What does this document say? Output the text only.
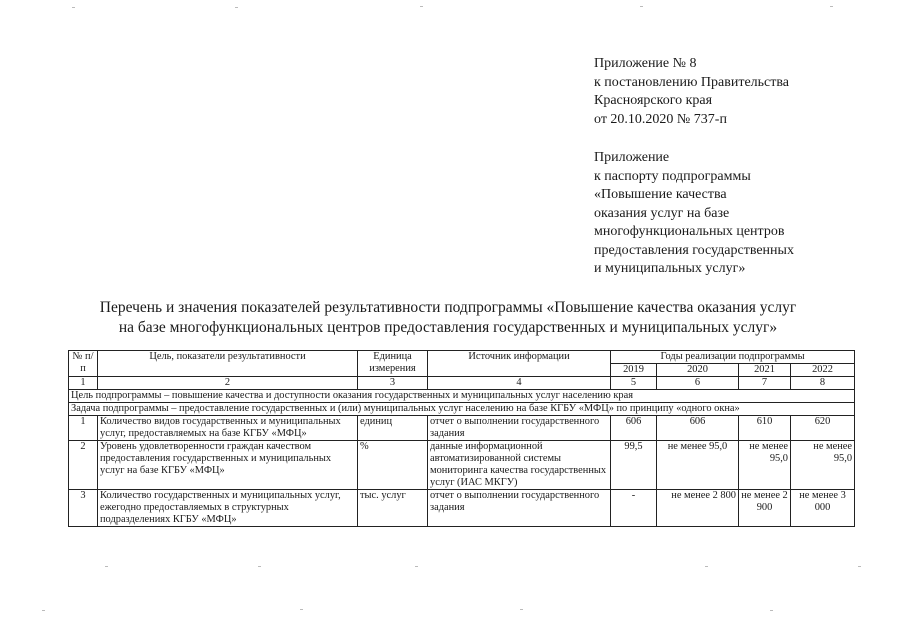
Приложение № 8
к постановлению Правительства
Красноярского края
от 20.10.2020 № 737-п
Приложение
к паспорту подпрограммы
«Повышение качества
оказания услуг на базе
многофункциональных центров
предоставления государственных
и муниципальных услуг»
Перечень и значения показателей результативности подпрограммы «Повышение качества оказания услуг
на базе многофункциональных центров предоставления государственных и муниципальных услуг»
№ п/п	Цель, показатели результативности	Единица измерения	Источник информации	Годы реализации подпрограммы			
				2019	2020	2021	2022
1	2	3	4	5	6	7	8
Цель подпрограммы – повышение качества и доступности оказания государственных и муниципальных услуг населению края							
Задача подпрограммы – предоставление государственных и (или) муниципальных услуг населению на базе КГБУ «МФЦ» по принципу «одного окна»							
1	Количество видов государственных и муниципальных услуг, предоставляемых на базе КГБУ «МФЦ»	единиц	отчет о выполнении государственного задания	606	606	610	620
2	Уровень удовлетворенности граждан качеством предоставления государственных и муниципальных услуг на базе КГБУ «МФЦ»	%	данные информационной автоматизированной системы мониторинга качества государственных услуг (ИАС МКГУ)	99,5	не менее 95,0	не менее 95,0	не менее 95,0
3	Количество государственных и муниципальных услуг, ежегодно предоставляемых в структурных подразделениях КГБУ «МФЦ»	тыс. услуг	отчет о выполнении государственного задания	-	не менее 2 800	не менее 2 900	не менее 3 000
